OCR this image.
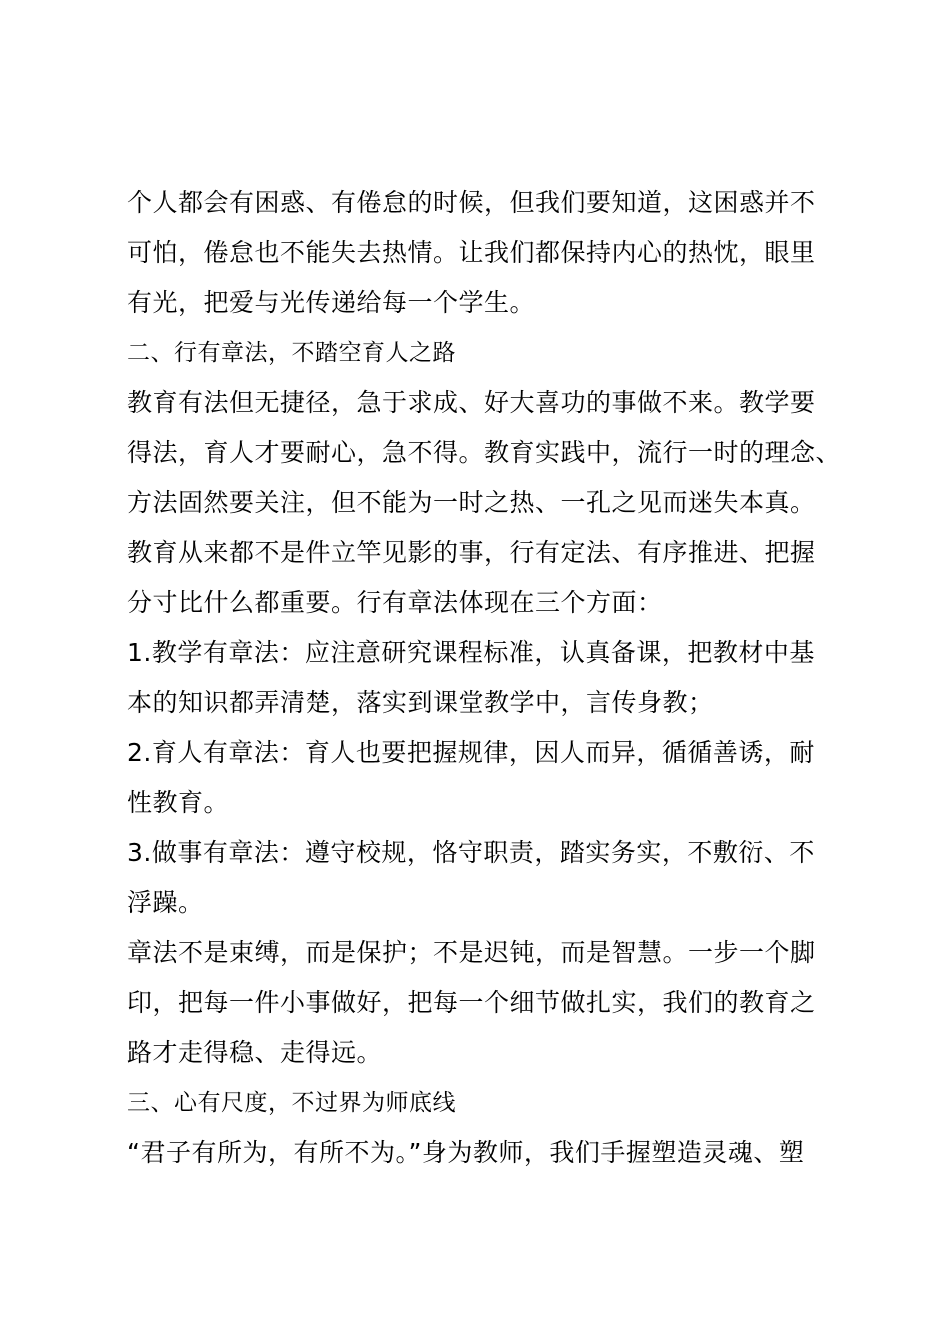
个人都会有困惑、有倦怠的时候，但我们要知道，这困惑并不
可怕，倦怠也不能失去热情。让我们都保持内心的热忱，眼里
有光，把爱与光传递给每一个学生。

二、行有章法，不踏空育人之路

教育有法但无捷径，急于求成、好大喜功的事做不来。教学要
得法，育人才要耐心，急不得。教育实践中，流行一时的理念、
方法固然要关注，但不能为一时之热、一孔之见而迷失本真。
教育从来都不是件立竿见影的事，行有定法、有序推进、把握
分寸比什么都重要。行有章法体现在三个方面：

1.教学有章法：应注意研究课程标准，认真备课，把教材中基
本的知识都弄清楚，落实到课堂教学中，言传身教；

2.育人有章法：育人也要把握规律，因人而异，循循善诱，耐
性教育。

3.做事有章法：遵守校规，恪守职责，踏实务实，不敷衍、不
浮躁。

章法不是束缚，而是保护；不是迟钝，而是智慧。一步一个脚
印，把每一件小事做好，把每一个细节做扎实，我们的教育之
路才走得稳、走得远。

三、心有尺度，不过界为师底线

“君子有所为，有所不为。”身为教师，我们手握塑造灵魂、塑
